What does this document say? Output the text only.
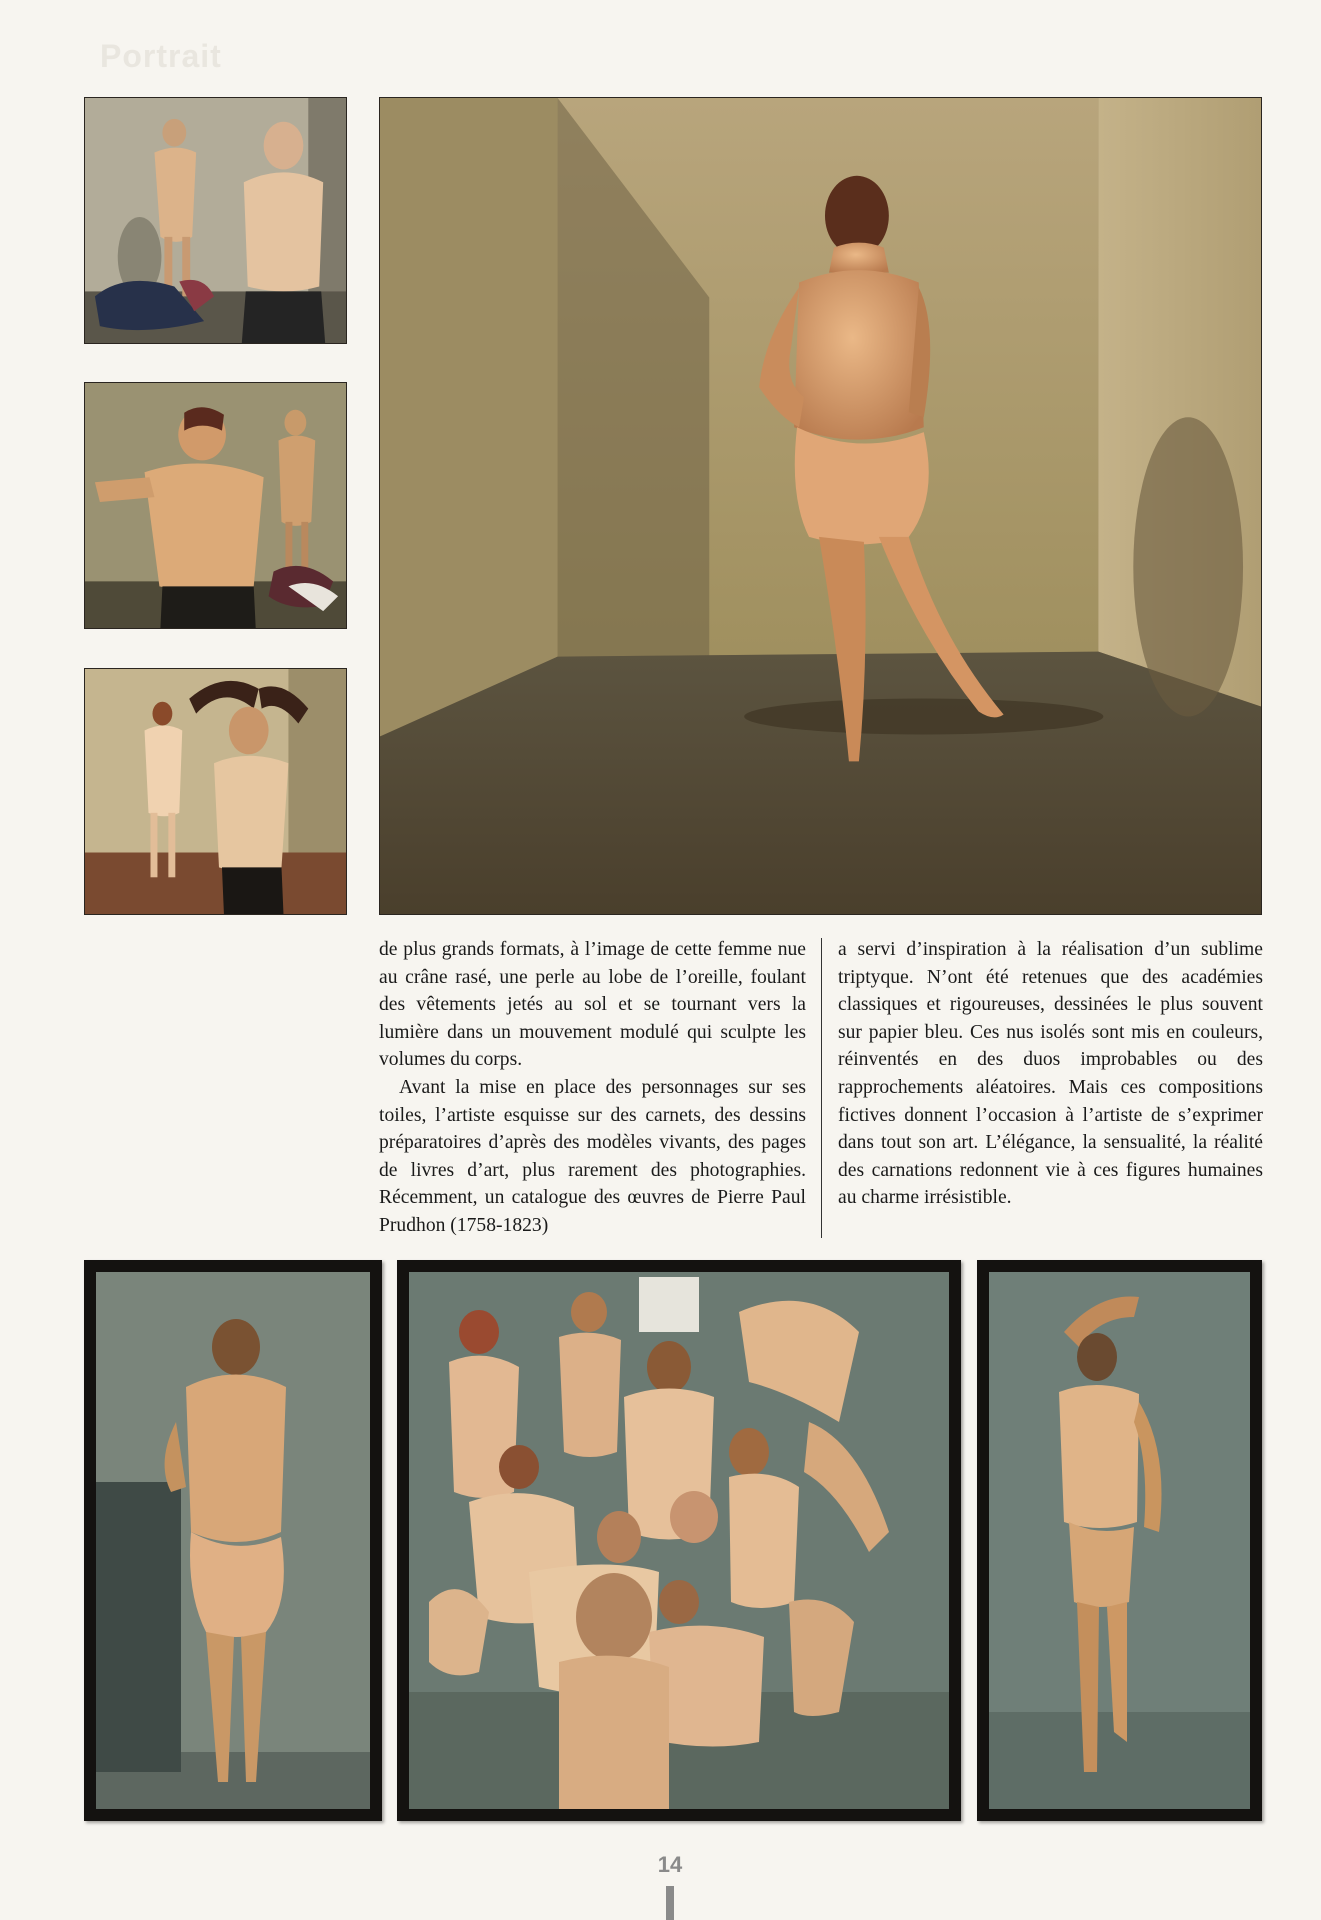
Portrait

de plus grands formats, à l’image de cette femme nue au crâne rasé, une perle au lobe de l’oreille, foulant des vêtements jetés au sol et se tournant vers la lumière dans un mouvement modulé qui sculpte les volumes du corps.

Avant la mise en place des personnages sur ses toiles, l’artiste esquisse sur des carnets, des dessins préparatoires d’après des modèles vivants, des pages de livres d’art, plus rarement des photographies. Récemment, un catalogue des œuvres de Pierre Paul Prudhon (1758-1823)

a servi d’inspiration à la réalisation d’un sublime triptyque. N’ont été retenues que des académies classiques et rigoureuses, dessinées le plus souvent sur papier bleu. Ces nus isolés sont mis en couleurs, réinventés en des duos improbables ou des rapprochements aléatoires. Mais ces compositions fictives donnent l’occasion à l’artiste de s’exprimer dans tout son art. L’élégance, la sensualité, la réalité des carnations redonnent vie à ces figures humaines au charme irrésistible.

14
